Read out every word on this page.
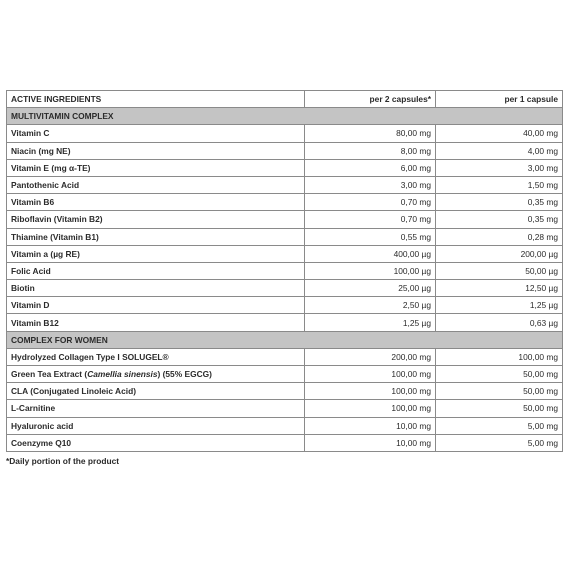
ACTIVE INGREDIENTS	per 2 capsules*	per 1 capsule
MULTIVITAMIN COMPLEX		
Vitamin C	80,00 mg	40,00 mg
Niacin (mg NE)	8,00 mg	4,00 mg
Vitamin E (mg α-TE)	6,00 mg	3,00 mg
Pantothenic Acid	3,00 mg	1,50 mg
Vitamin B6	0,70 mg	0,35 mg
Riboflavin (Vitamin B2)	0,70 mg	0,35 mg
Thiamine (Vitamin B1)	0,55 mg	0,28 mg
Vitamin a (µg RE)	400,00 µg	200,00 µg
Folic Acid	100,00 µg	50,00 µg
Biotin	25,00 µg	12,50 µg
Vitamin D	2,50 µg	1,25 µg
Vitamin B12	1,25 µg	0,63 µg
COMPLEX FOR WOMEN		
Hydrolyzed Collagen Type I SOLUGEL®	200,00 mg	100,00 mg
Green Tea Extract (Camellia sinensis) (55% EGCG)	100,00 mg	50,00 mg
CLA (Conjugated Linoleic Acid)	100,00 mg	50,00 mg
L-Carnitine	100,00 mg	50,00 mg
Hyaluronic acid	10,00 mg	5,00 mg
Coenzyme Q10	10,00 mg	5,00 mg
*Daily portion of the product
